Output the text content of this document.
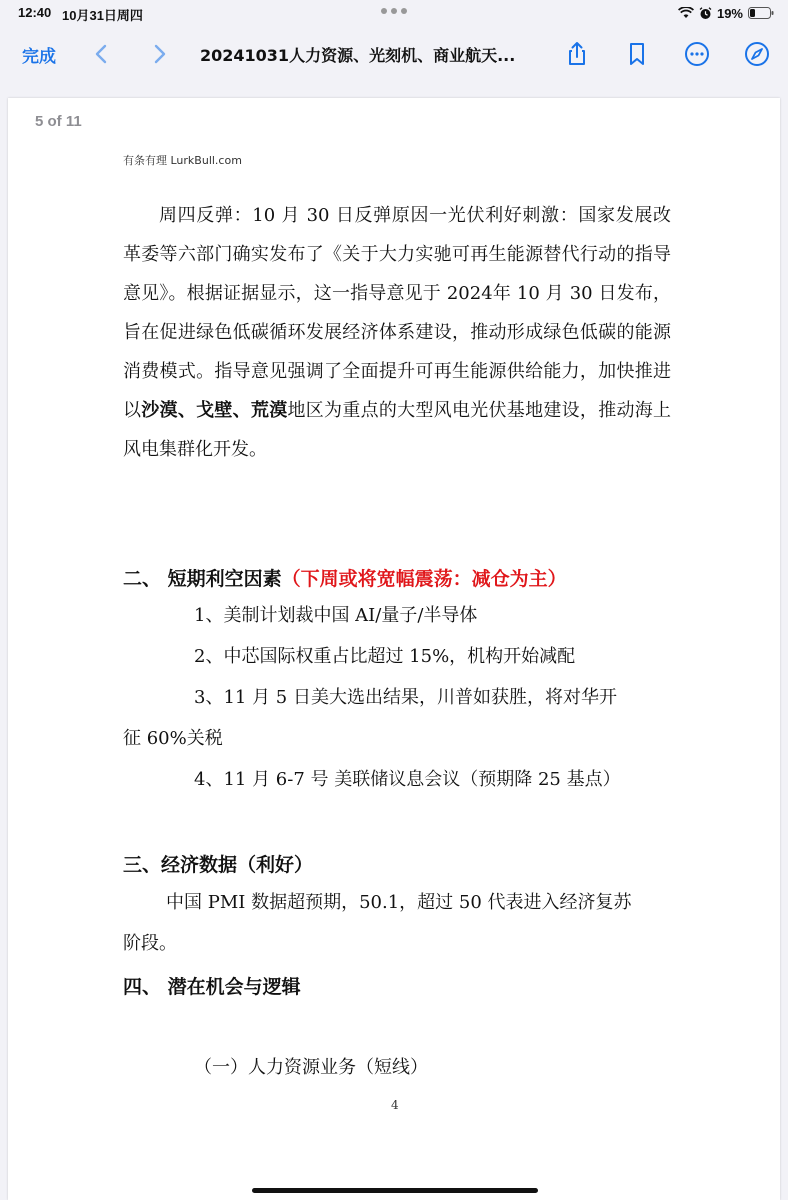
12:40 10月31日周四	19%
完成	20241031人力资源、光刻机、商业航天...
5 of 11
有条有理 LurkBull.com

周四反弹：10 月 30 日反弹原因一光伏利好刺激：国家发展改革委等六部门确实发布了《关于大力实驰可再生能源替代行动的指导意见》。根据证据显示，这一指导意见于 2024年 10 月 30 日发布，旨在促进绿色低碳循环发展经济体系建设，推动形成绿色低碳的能源消费模式。指导意见强调了全面提升可再生能源供给能力，加快推进以沙漠、戈壁、荒漠地区为重点的大型风电光伏基地建设，推动海上风电集群化开发。

二、 短期利空因素（下周或将宽幅震荡：减仓为主）

1、美制计划裁中国 AI/量子/半导体

2、中芯国际权重占比超过 15%，机构开始减配

3、11 月 5 日美大选出结果，川普如获胜，将对华开

征 60%关税

4、11 月 6-7 号 美联储议息会议（预期降 25 基点）

三、经济数据（利好）

中国 PMI 数据超预期，50.1，超过 50 代表进入经济复苏

阶段。

四、 潜在机会与逻辑

（一）人力资源业务（短线）

4
